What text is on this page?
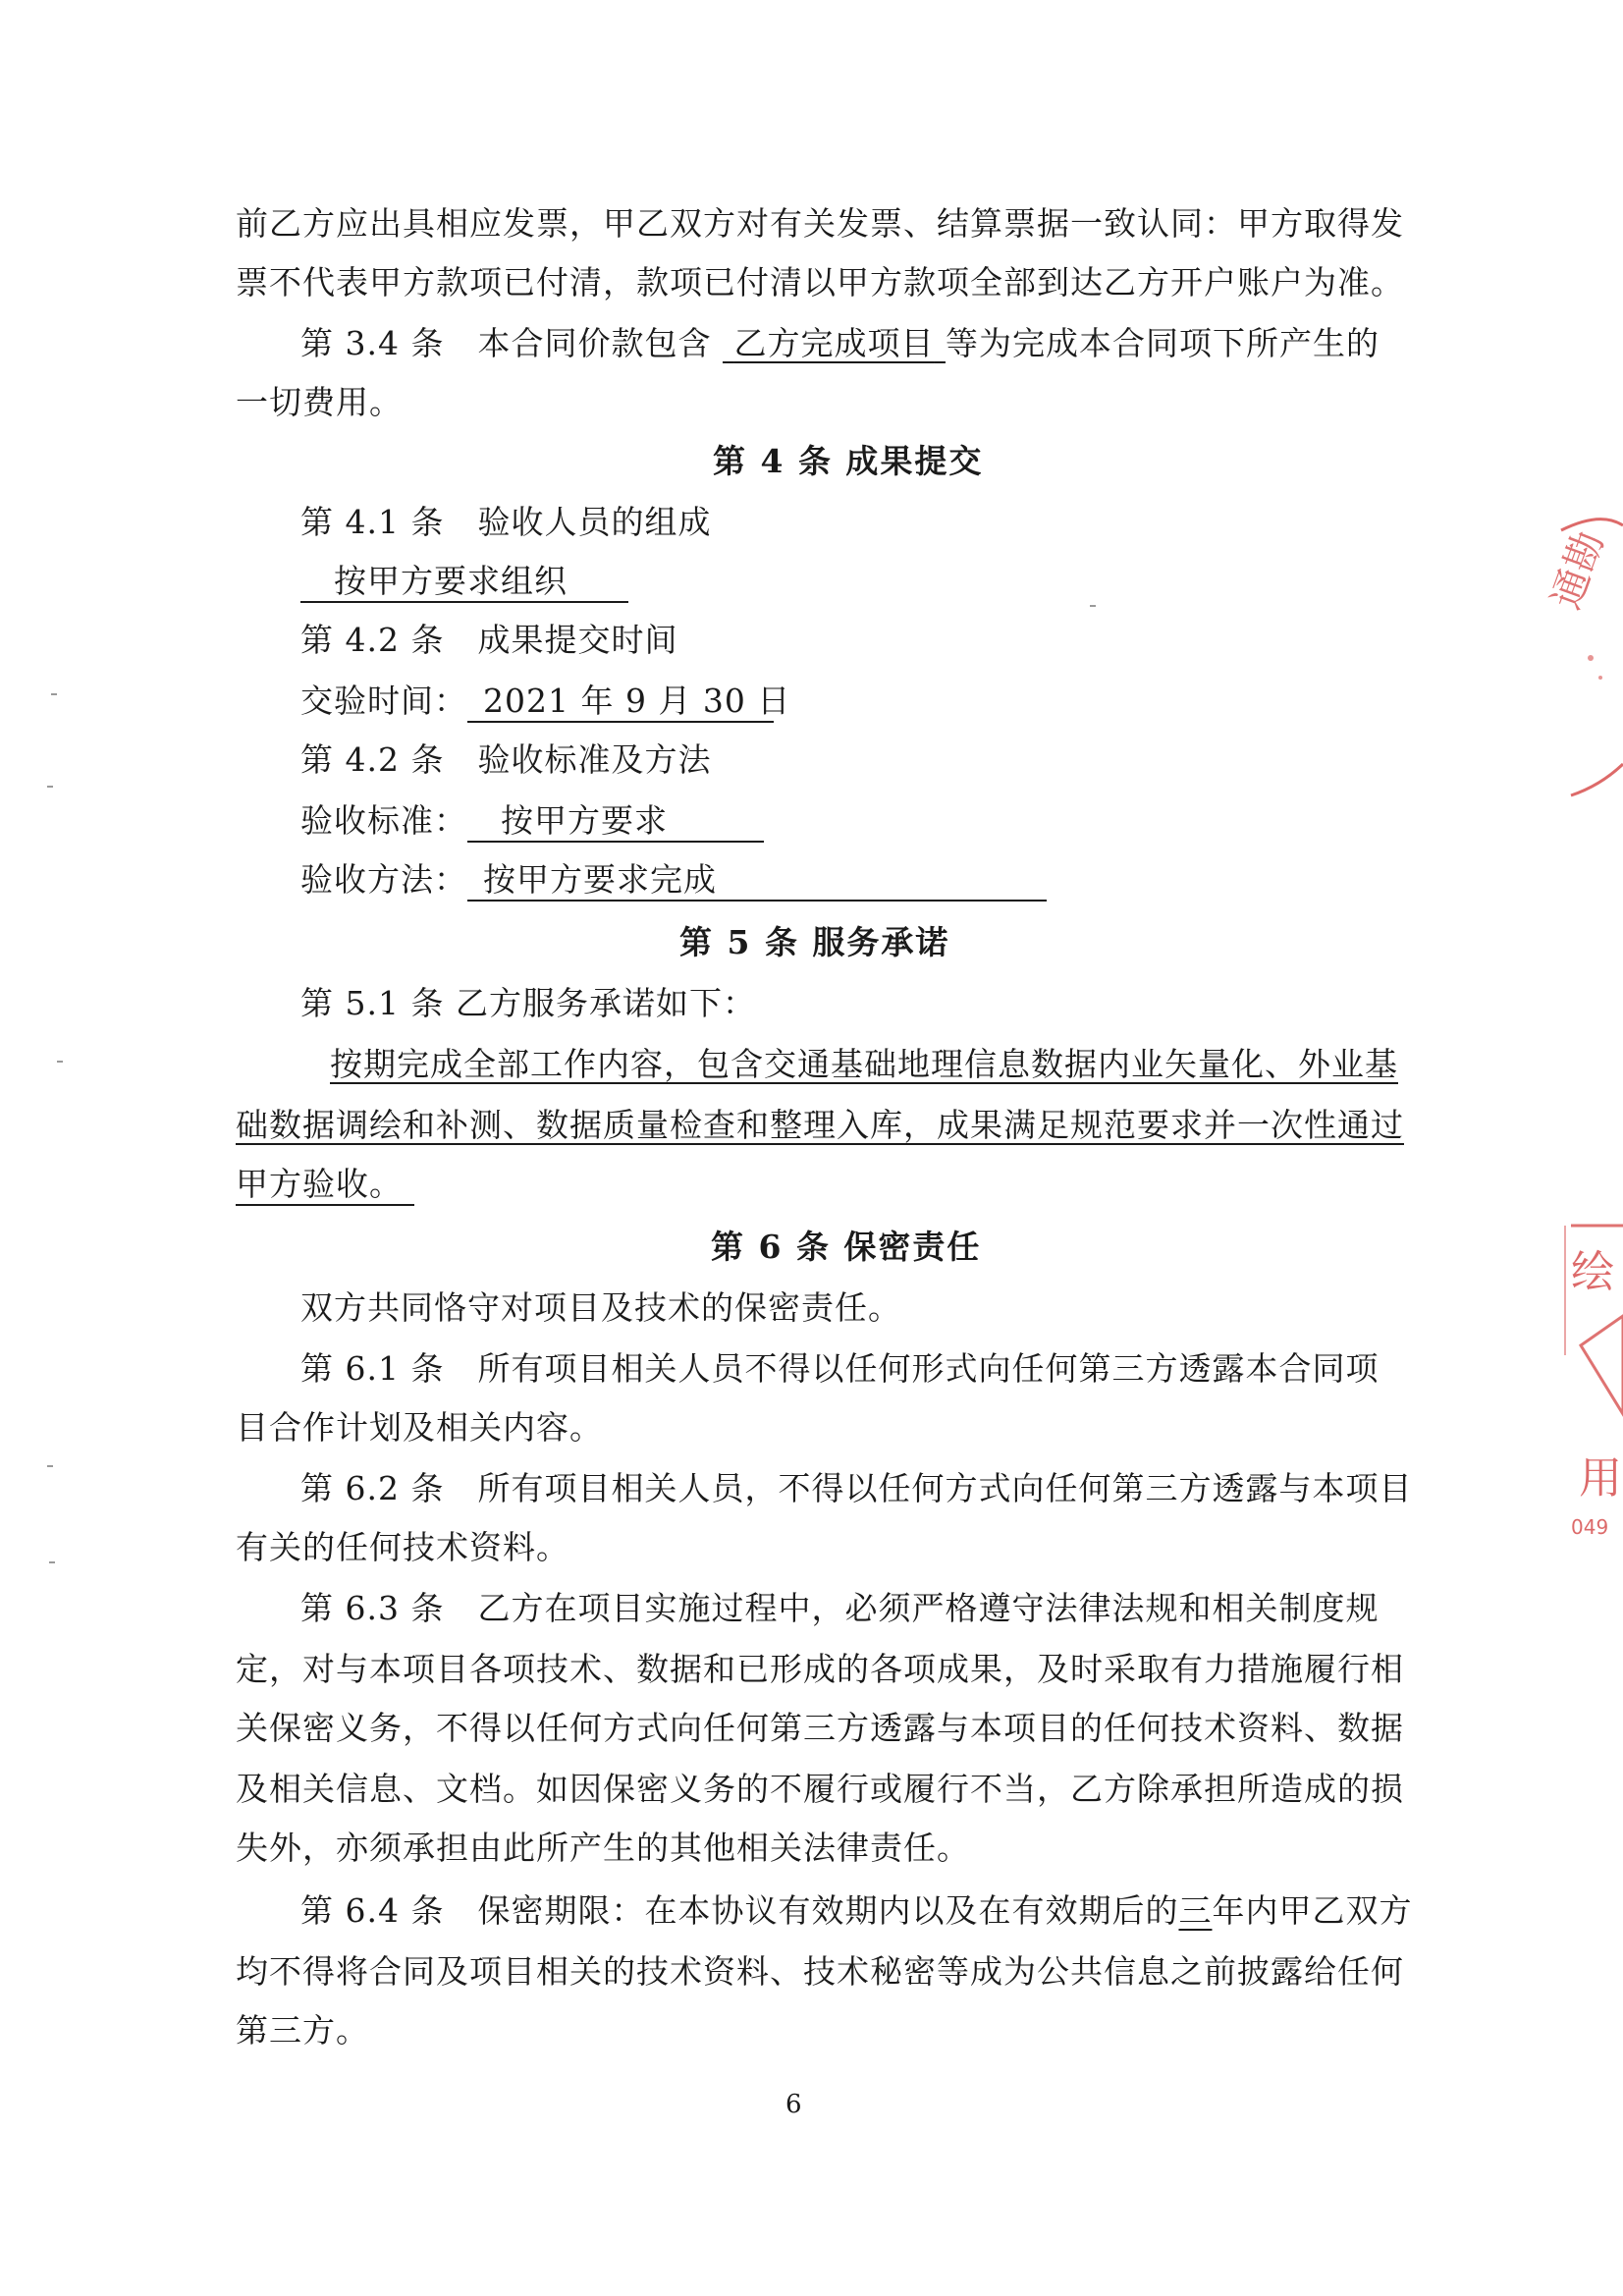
前乙方应出具相应发票，甲乙双方对有关发票、结算票据一致认同：甲方取得发
票不代表甲方款项已付清，款项已付清以甲方款项全部到达乙方开户账户为准。
第 3.4 条　本合同价款包含 乙方完成项目 等为完成本合同项下所产生的
一切费用。
第 4 条 成果提交
第 4.1 条　验收人员的组成
按甲方要求组织
第 4.2 条　成果提交时间
交验时间： 2021 年 9 月 30 日
第 4.2 条　验收标准及方法
验收标准： 按甲方要求
验收方法： 按甲方要求完成
第 5 条 服务承诺
第 5.1 条 乙方服务承诺如下：
按期完成全部工作内容，包含交通基础地理信息数据内业矢量化、外业基
础数据调绘和补测、数据质量检查和整理入库，成果满足规范要求并一次性通过
甲方验收。
第 6 条 保密责任
双方共同恪守对项目及技术的保密责任。
第 6.1 条　所有项目相关人员不得以任何形式向任何第三方透露本合同项
目合作计划及相关内容。
第 6.2 条　所有项目相关人员，不得以任何方式向任何第三方透露与本项目
有关的任何技术资料。
第 6.3 条　乙方在项目实施过程中，必须严格遵守法律法规和相关制度规
定，对与本项目各项技术、数据和已形成的各项成果，及时采取有力措施履行相
关保密义务，不得以任何方式向任何第三方透露与本项目的任何技术资料、数据
及相关信息、文档。如因保密义务的不履行或履行不当，乙方除承担所造成的损
失外，亦须承担由此所产生的其他相关法律责任。
第 6.4 条　保密期限：在本协议有效期内以及在有效期后的三年内甲乙双方
均不得将合同及项目相关的技术资料、技术秘密等成为公共信息之前披露给任何
第三方。
6
通勘
绘
用
049
